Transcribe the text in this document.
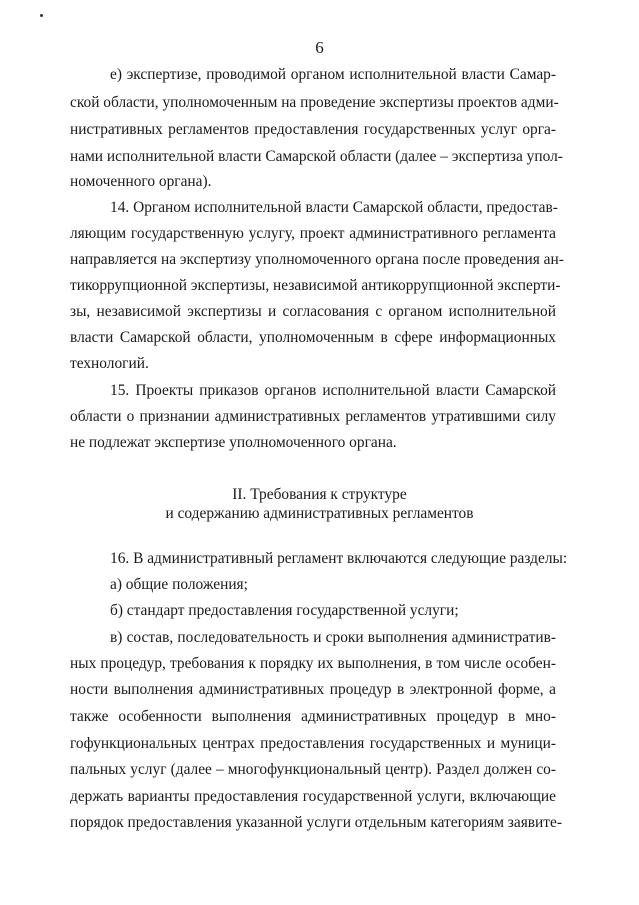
6
е) экспертизе, проводимой органом исполнительной власти Самар-
ской области, уполномоченным на проведение экспертизы проектов адми-
нистративных регламентов предоставления государственных услуг орга-
нами исполнительной власти Самарской области (далее – экспертиза упол-
номоченного органа).
14. Органом исполнительной власти Самарской области, предостав-
ляющим государственную услугу, проект административного регламента
направляется на экспертизу уполномоченного органа после проведения ан-
тикоррупционной экспертизы, независимой антикоррупционной эксперти-
зы, независимой экспертизы и согласования с органом исполнительной
власти Самарской области, уполномоченным в сфере информационных
технологий.
15. Проекты приказов органов исполнительной власти Самарской
области о признании административных регламентов утратившими силу
не подлежат экспертизе уполномоченного органа.
II. Требования к структуре
и содержанию административных регламентов
16. В административный регламент включаются следующие разделы:
а) общие положения;
б) стандарт предоставления государственной услуги;
в) состав, последовательность и сроки выполнения административ-
ных процедур, требования к порядку их выполнения, в том числе особен-
ности выполнения административных процедур в электронной форме, а
также особенности выполнения административных процедур в мно-
гофункциональных центрах предоставления государственных и муници-
пальных услуг (далее – многофункциональный центр). Раздел должен со-
держать варианты предоставления государственной услуги, включающие
порядок предоставления указанной услуги отдельным категориям заявите-
